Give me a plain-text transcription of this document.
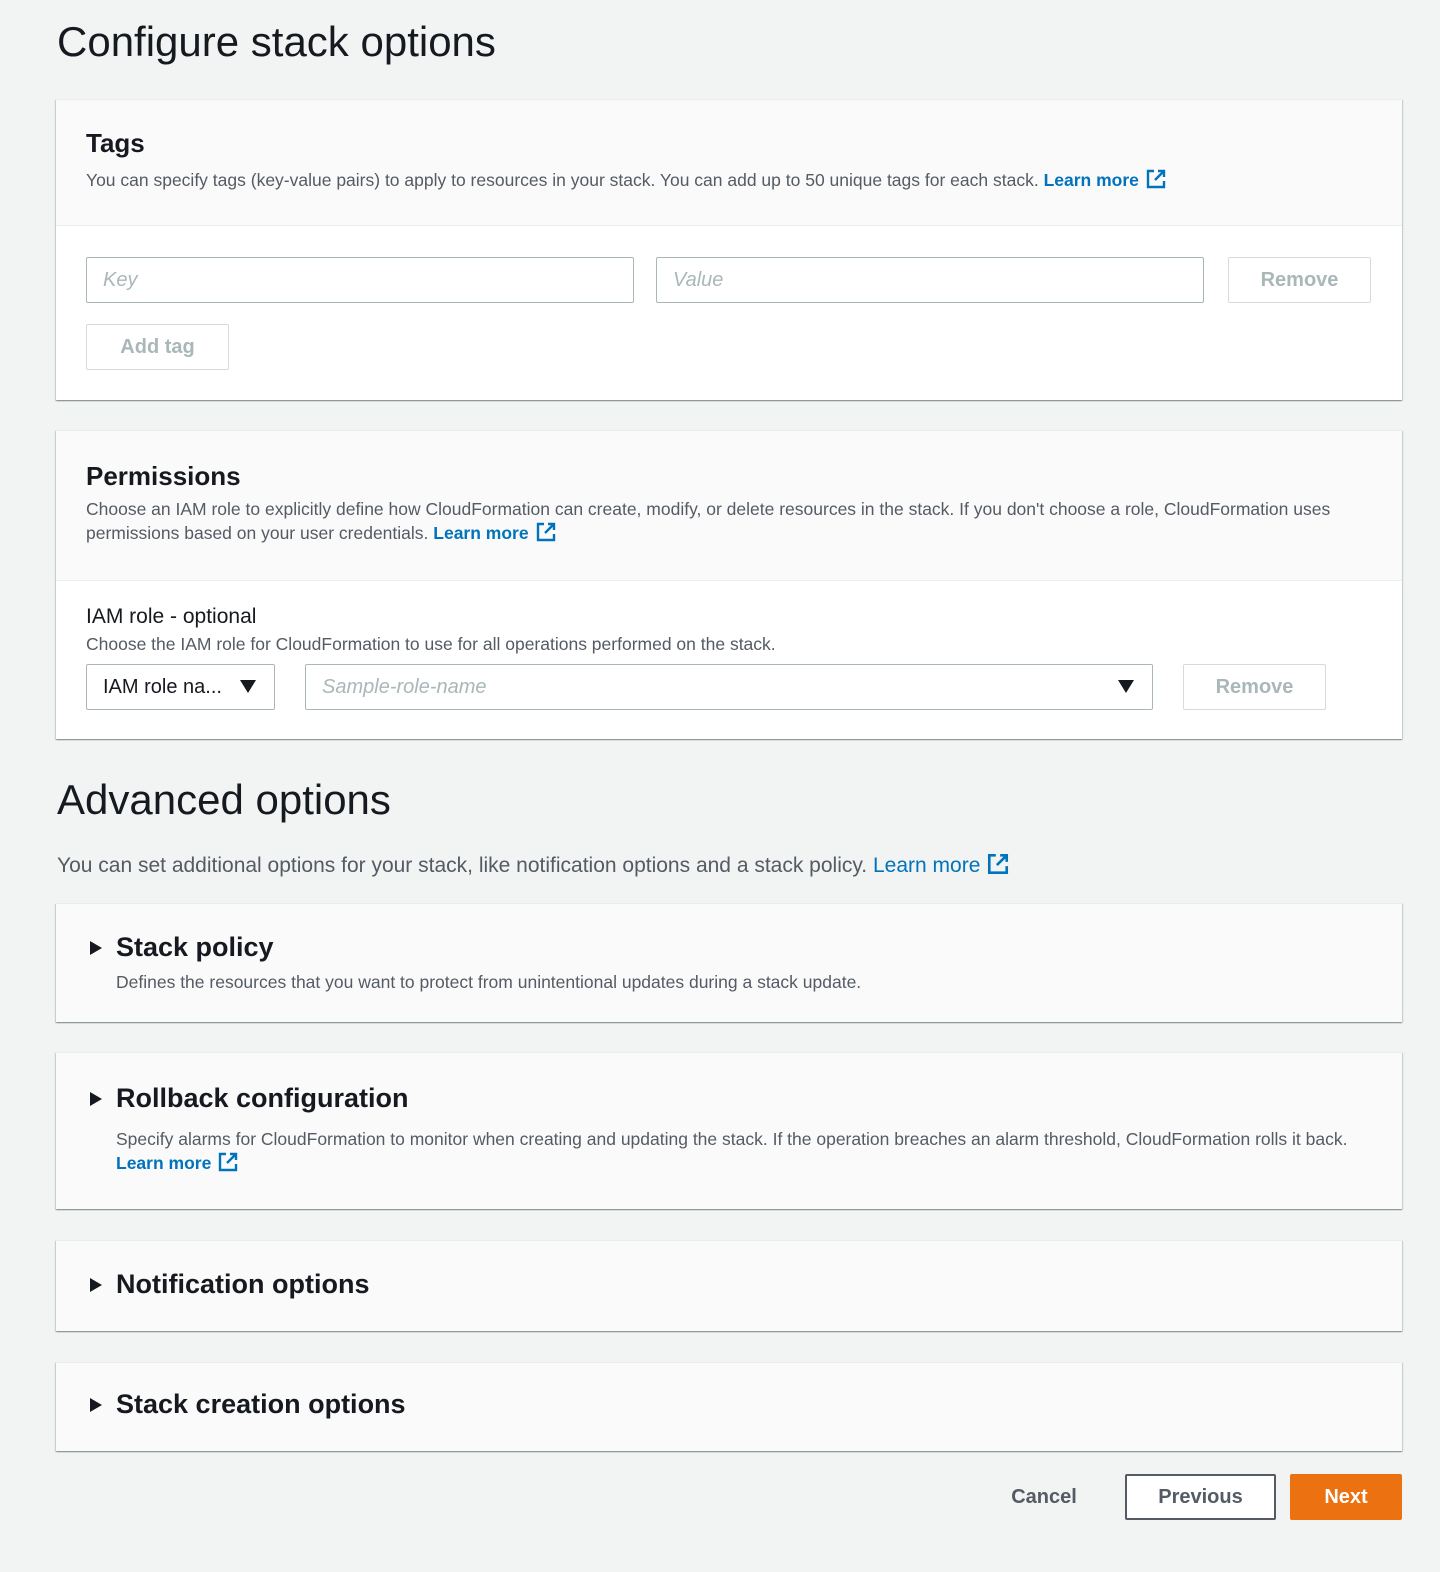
Configure stack options
Tags
You can specify tags (key-value pairs) to apply to resources in your stack. You can add up to 50 unique tags for each stack. Learn more
Key
Value
Remove
Add tag
Permissions
Choose an IAM role to explicitly define how CloudFormation can create, modify, or delete resources in the stack. If you don't choose a role, CloudFormation uses permissions based on your user credentials. Learn more
IAM role - optional
Choose the IAM role for CloudFormation to use for all operations performed on the stack.
IAM role na...	Sample-role-name	Remove
Advanced options
You can set additional options for your stack, like notification options and a stack policy. Learn more
Stack policy
Defines the resources that you want to protect from unintentional updates during a stack update.
Rollback configuration
Specify alarms for CloudFormation to monitor when creating and updating the stack. If the operation breaches an alarm threshold, CloudFormation rolls it back. Learn more
Notification options
Stack creation options
Cancel	Previous	Next
